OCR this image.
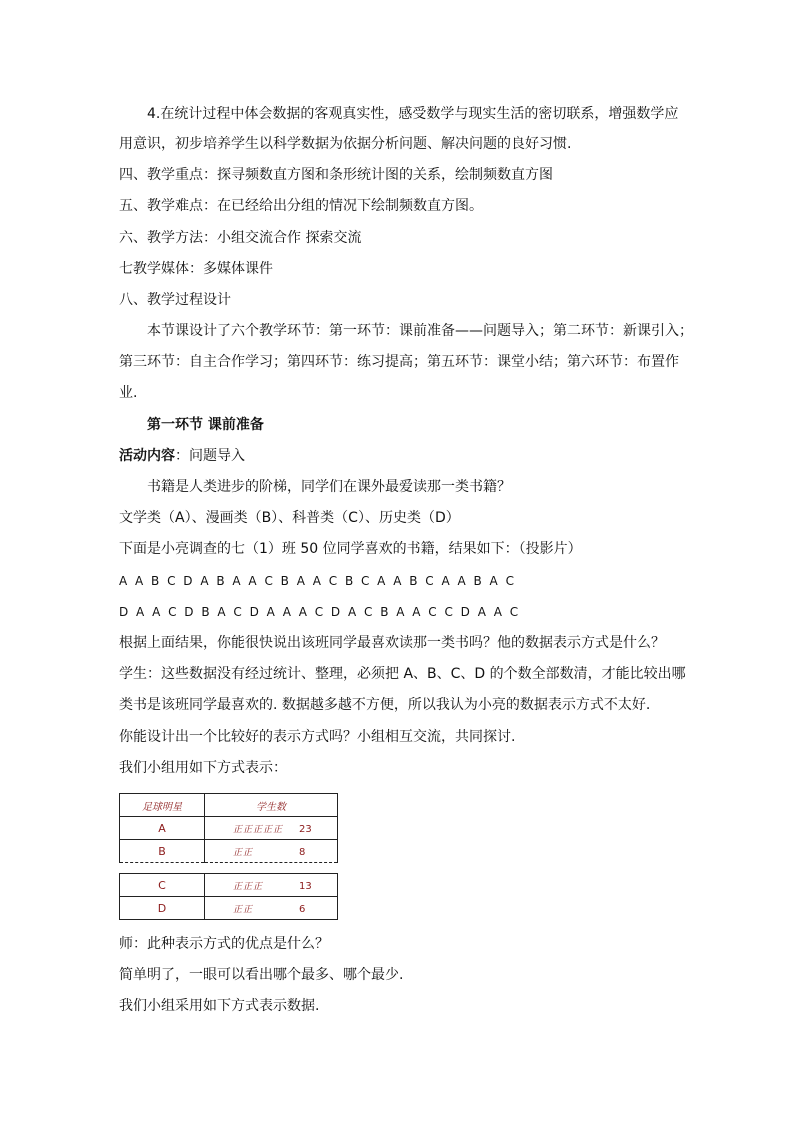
4.在统计过程中体会数据的客观真实性，感受数学与现实生活的密切联系，增强数学应
用意识，初步培养学生以科学数据为依据分析问题、解决问题的良好习惯.
四、教学重点：探寻频数直方图和条形统计图的关系，绘制频数直方图
五、教学难点：在已经给出分组的情况下绘制频数直方图。
六、教学方法：小组交流合作 探索交流
七教学媒体：多媒体课件
八、教学过程设计
本节课设计了六个教学环节：第一环节：课前准备——问题导入；第二环节：新课引入；
第三环节：自主合作学习；第四环节：练习提高；第五环节：课堂小结；第六环节：布置作
业.
第一环节 课前准备
活动内容：问题导入
书籍是人类进步的阶梯，同学们在课外最爱读那一类书籍？
文学类（A）、漫画类（B）、科普类（C）、历史类（D）
下面是小亮调查的七（1）班 50 位同学喜欢的书籍，结果如下：（投影片）
A A B C D A B A A C B A A C B C A A B C A A B A C
D A A C D B A C D A A A C D A C B A A C C D A A C
根据上面结果，你能很快说出该班同学最喜欢读那一类书吗？他的数据表示方式是什么？
学生：这些数据没有经过统计、整理，必须把 A、B、C、D 的个数全部数清，才能比较出哪
类书是该班同学最喜欢的. 数据越多越不方便，所以我认为小亮的数据表示方式不太好.
你能设计出一个比较好的表示方式吗？小组相互交流，共同探讨.
我们小组用如下方式表示：
足球明星	学生数
A	正正正正正 23
B	正正 8
C	正正正 13
D	正正 6
师：此种表示方式的优点是什么？
简单明了，一眼可以看出哪个最多、哪个最少.
我们小组采用如下方式表示数据.
